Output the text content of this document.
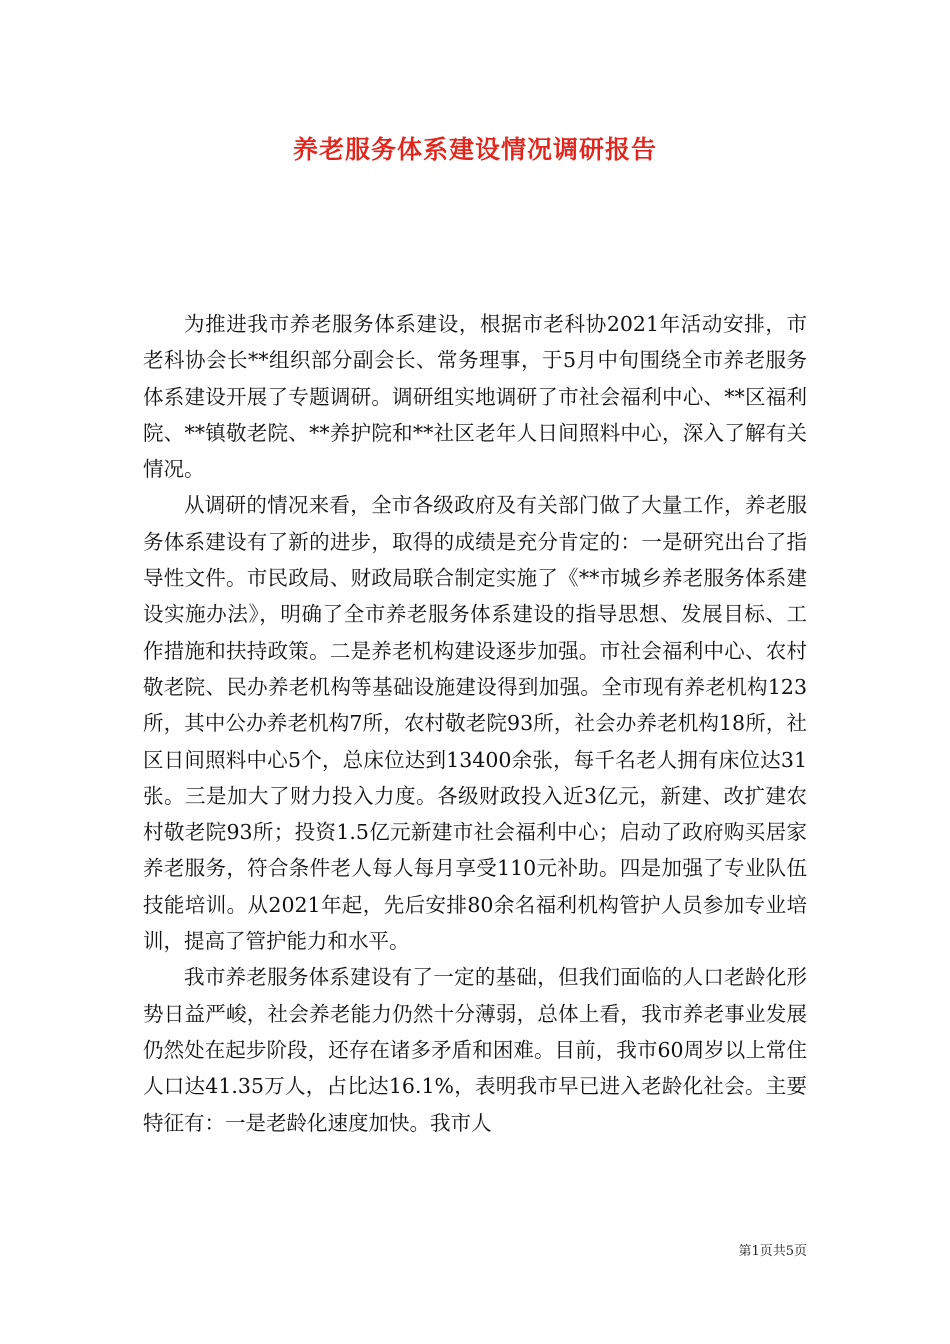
养老服务体系建设情况调研报告

为推进我市养老服务体系建设，根据市老科协2021年活动安排，市老科协会长**组织部分副会长、常务理事，于5月中旬围绕全市养老服务体系建设开展了专题调研。调研组实地调研了市社会福利中心、**区福利院、**镇敬老院、**养护院和**社区老年人日间照料中心，深入了解有关情况。

从调研的情况来看，全市各级政府及有关部门做了大量工作，养老服务体系建设有了新的进步，取得的成绩是充分肯定的：一是研究出台了指导性文件。市民政局、财政局联合制定实施了《**市城乡养老服务体系建设实施办法》，明确了全市养老服务体系建设的指导思想、发展目标、工作措施和扶持政策。二是养老机构建设逐步加强。市社会福利中心、农村敬老院、民办养老机构等基础设施建设得到加强。全市现有养老机构123所，其中公办养老机构7所，农村敬老院93所，社会办养老机构18所，社区日间照料中心5个，总床位达到13400余张，每千名老人拥有床位达31张。三是加大了财力投入力度。各级财政投入近3亿元，新建、改扩建农村敬老院93所；投资1.5亿元新建市社会福利中心；启动了政府购买居家养老服务，符合条件老人每人每月享受110元补助。四是加强了专业队伍技能培训。从2021年起，先后安排80余名福利机构管护人员参加专业培训，提高了管护能力和水平。

我市养老服务体系建设有了一定的基础，但我们面临的人口老龄化形势日益严峻，社会养老能力仍然十分薄弱，总体上看，我市养老事业发展仍然处在起步阶段，还存在诸多矛盾和困难。目前，我市60周岁以上常住人口达41.35万人，占比达16.1%，表明我市早已进入老龄化社会。主要特征有：一是老龄化速度加快。我市人

第1页共5页
